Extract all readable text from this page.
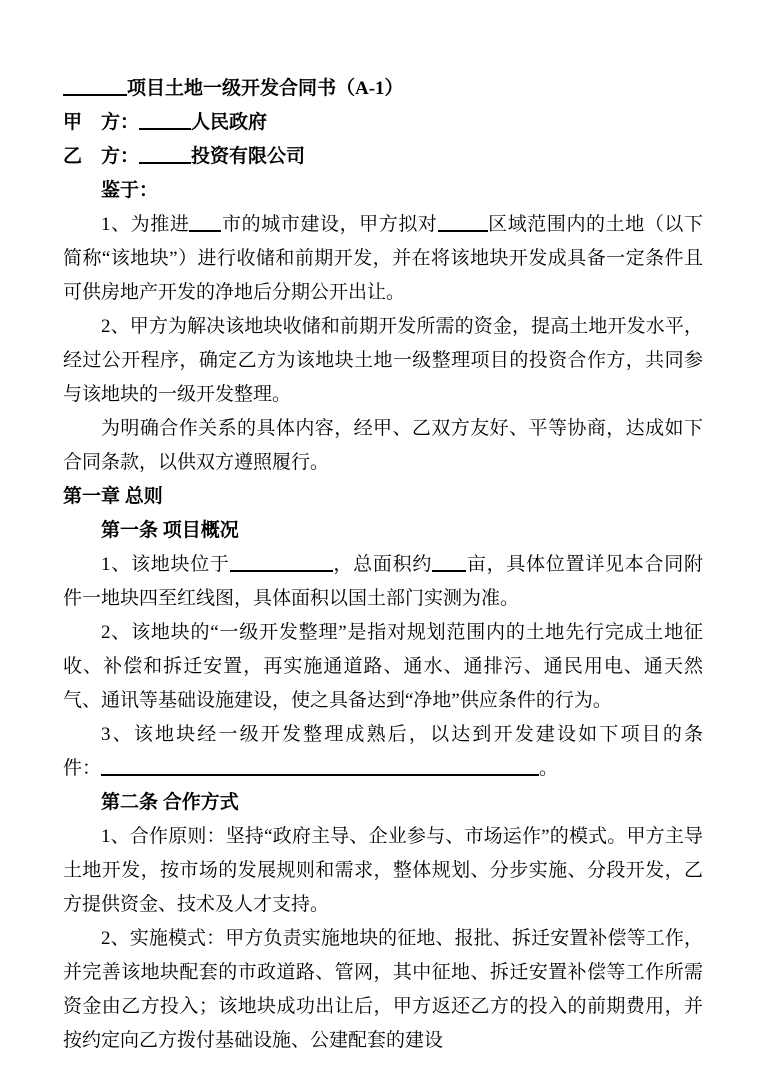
项目土地一级开发合同书（A-1）

甲　方：	人民政府

乙　方：	投资有限公司

鉴于：

1、为推进 市的城市建设，甲方拟对	区域范围内的土地（以下简称“该地块”）进行收储和前期开发，并在将该地块开发成具备一定条件且可供房地产开发的净地后分期公开出让。

2、甲方为解决该地块收储和前期开发所需的资金，提高土地开发水平，经过公开程序，确定乙方为该地块土地一级整理项目的投资合作方，共同参与该地块的一级开发整理。

为明确合作关系的具体内容，经甲、乙双方友好、平等协商，达成如下合同条款，以供双方遵照履行。

第一章 总则
第一条 项目概况

1、该地块位于	，总面积约 亩，具体位置详见本合同附件一地块四至红线图，具体面积以国土部门实测为准。

2、该地块的“一级开发整理”是指对规划范围内的土地先行完成土地征收、补偿和拆迁安置，再实施通道路、通水、通排污、通民用电、通天然气、通讯等基础设施建设，使之具备达到“净地”供应条件的行为。

3、该地块经一级开发整理成熟后，以达到开发建设如下项目的条

件：	。

第二条 合作方式

1、合作原则：坚持“政府主导、企业参与、市场运作”的模式。甲方主导土地开发，按市场的发展规则和需求，整体规划、分步实施、分段开发，乙方提供资金、技术及人才支持。

2、实施模式：甲方负责实施地块的征地、报批、拆迁安置补偿等工作，并完善该地块配套的市政道路、管网，其中征地、拆迁安置补偿等工作所需资金由乙方投入；该地块成功出让后，甲方返还乙方的投入的前期费用，并按约定向乙方拨付基础设施、公建配套的建设
